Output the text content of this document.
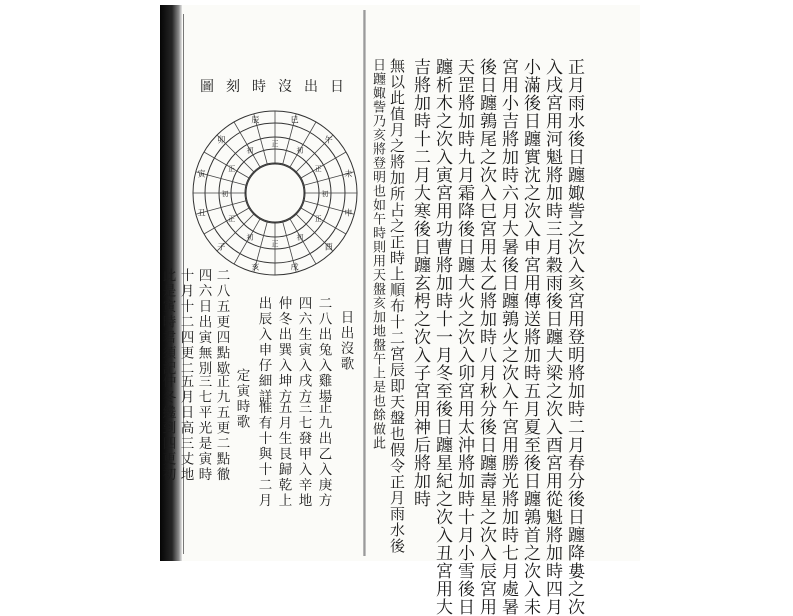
日出沒時刻圖
申
酉
戌
亥
子
丑
寅
卯
辰	巳
午
未
初
正
初
正
初
正
初
正
初
正
初
正
日出沒歌
二八出兔入雞場
正九出乙入庚方
四六生寅入戌方
三七發甲入辛地
仲冬出巽入坤方
五月生艮歸乾上
出辰入申仔細詳
惟有十與十二月
定寅時歌
二八五更四點歇
正九五更二點徹
四六日出寅無別
三七平光是寅時
十月十二四更二
五月日高三丈地
此是寅時君須記
仲冬纔到四更初	正月雨水後日躔娵訾之次入亥宮用登明將加時二月春分後日躔降婁之次
入戌宮用河魁將加時三月穀雨後日躔大梁之次入酉宮用從魁將加時四月
小滿後日躔實沈之次入申宮用傳送將加時五月夏至後日躔鶉首之次入未
宮用小吉將加時六月大暑後日躔鶉火之次入午宮用勝光將加時七月處暑
後日躔鶉尾之次入巳宮用太乙將加時八月秋分後日躔壽星之次入辰宮用
天罡將加時九月霜降後日躔大火之次入卯宮用太沖將加時十月小雪後日
躔析木之次入寅宮用功曹將加時十一月冬至後日躔星紀之次入丑宮用大
吉將加時十二月大寒後日躔玄枵之次入子宮用神后將加時
無以此值月之將加所占之正時上順布十二宮辰即天盤也假令正月雨水後
日躔娵訾乃亥將登明也如午時則用天盤亥加地盤午上是也餘做此
